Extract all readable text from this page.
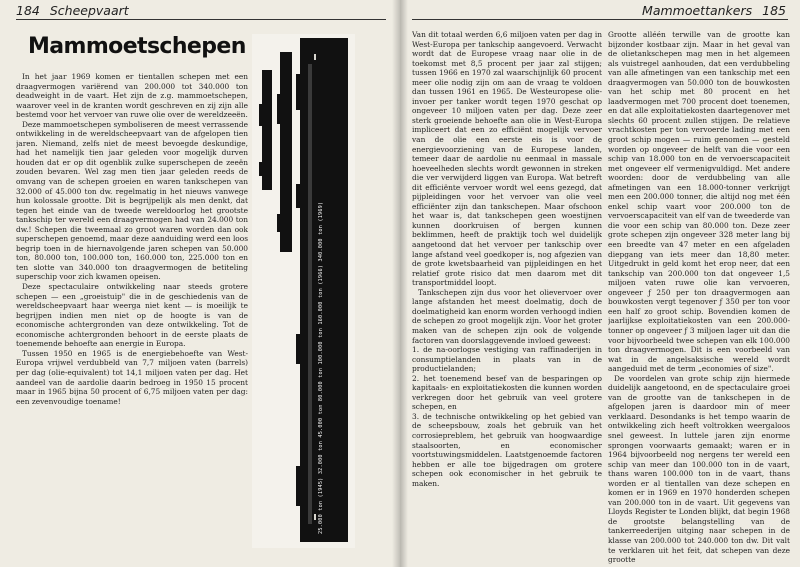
184 Scheepvaart
Mammoetschepen

In het jaar 1969 komen er tientallen schepen met een draagvermogen variërend van 200.000 tot 340.000 ton deadweight in de vaart. Het zijn de z.g. mammoetschepen, waarover veel in de kranten wordt geschreven en zij zijn alle bestemd voor het vervoer van ruwe olie over de wereldzeeën.

Deze mammoetschepen symboliseren de meest verrassende ontwikkeling in de wereldscheepvaart van de afgelopen tien jaren. Niemand, zelfs niet de meest bevoegde deskundige, had het namelijk tien jaar geleden voor mogelijk durven houden dat er op dit ogenblik zulke superschepen de zeeën zouden bevaren. Wel zag men tien jaar geleden reeds de omvang van de schepen groeien en waren tankschepen van 32.000 of 45.000 ton dw. regelmatig in het nieuws vanwege hun kolossale grootte. Dit is begrijpelijk als men denkt, dat tegen het einde van de tweede wereldoorlog het grootste tankschip ter wereld een draagvermogen had van 24.000 ton dw.! Schepen die tweemaal zo groot waren worden dan ook superschepen genoemd, maar deze aanduiding werd een loos begrip toen in de hiernavolgende jaren schepen van 50.000 ton, 80.000 ton, 100.000 ton, 160.000 ton, 225.000 ton en ten slotte van 340.000 ton draagvermogen de betiteling superschip voor zich kwamen opeisen.

Deze spectaculaire ontwikkeling naar steeds grotere schepen — een „groeistuip" die in de geschiedenis van de wereldscheepvaart haar weerga niet kent — is moeilijk te begrijpen indien men niet op de hoogte is van de economische achtergronden van deze ontwikkeling. Tot de economische achtergronden behoort in de eerste plaats de toenemende behoefte aan energie in Europa.

Tussen 1950 en 1965 is de energiebehoefte van West-Europa vrijwel verdubbeld van 7,7 miljoen vaten (barrels) per dag (olie-equivalent) tot 14,1 miljoen vaten per dag. Het aandeel van de aardolie daarin bedroeg in 1950 15 procent maar in 1965 bijna 50 procent of 6,75 miljoen vaten per dag: een zevenvoudige toename!	25.000 ton (1945) 32.000 ton 45.000 ton 80.000 ton 100.000 ton 160.000 ton (1966) 340.000 ton (1969)
Mammoettankers 185

Van dit totaal werden 6,6 miljoen vaten per dag in West-Europa per tankschip aangevoerd. Verwacht wordt dat de Europese vraag naar olie in de toekomst met 8,5 procent per jaar zal stijgen; tussen 1966 en 1970 zal waarschijnlijk 60 procent meer olie nodig zijn om aan de vraag te voldoen dan tussen 1961 en 1965. De Westeuropese olie-invoer per tanker wordt tegen 1970 geschat op ongeveer 10 miljoen vaten per dag. Deze zeer sterk groeiende behoefte aan olie in West-Europa impliceert dat een zo efficiënt mogelijk vervoer van de olie een eerste eis is voor de energievoorziening van de Europese landen, temeer daar de aardolie nu eenmaal in massale hoeveelheden slechts wordt gewonnen in streken die ver verwijderd liggen van Europa. Wat betreft dit efficiënte vervoer wordt wel eens gezegd, dat pijpleidingen voor het vervoer van olie veel efficiënter zijn dan tankschepen. Maar ofschoon het waar is, dat tankschepen geen woestijnen kunnen doorkruisen of bergen kunnen beklimmen, heeft de praktijk toch wel duidelijk aangetoond dat het vervoer per tankschip over lange afstand veel goedkoper is, nog afgezien van de grote kwetsbaarheid van pijpleidingen en het relatief grote risico dat men daarom met dit transportmiddel loopt.

Tankschepen zijn dus voor het olievervoer over lange afstanden het meest doelmatig, doch de doelmatigheid kan enorm worden verhoogd indien de schepen zo groot mogelijk zijn. Voor het groter maken van de schepen zijn ook de volgende factoren van doorslaggevende invloed geweest:

1. de na-oorlogse vestiging van raffinaderijen in consumptielanden in plaats van in de productielanden;

2. het toenemend besef van de besparingen op kapitaals- en exploitatiekosten die kunnen worden verkregen door het gebruik van veel grotere schepen, en

3. de technische ontwikkeling op het gebied van de scheepsbouw, zoals het gebruik van het corrosiepreblem, het gebruik van hoogwaardige staalsoorten, en economischer voortstuwingsmiddelen. Laatstgenoemde factoren hebben er alle toe bijgedragen om grotere schepen ook economischer in het gebruik te maken.

Grootte alléén terwille van de grootte kan bijzonder kostbaar zijn. Maar in het geval van de olietankschepen mag men in het algemeen als vuistregel aanhouden, dat een verdubbeling van alle afmetingen van een tankschip met een draagvermogen van 50.000 ton de bouwkosten van het schip met 80 procent en het laadvermogen met 700 procent doet toenemen, en dat alle exploitatiekosten daartegenover met slechts 60 procent zullen stijgen. De relatieve vrachtkosten per ton vervoerde lading met een groot schip mogen — ruim genomen — gesteld worden op ongeveer de helft van die voor een schip van 18.000 ton en de vervoerscapaciteit met ongeveer elf vermenigvuldigd. Met andere woorden: door de verdubbeling van alle afmetingen van een 18.000-tonner verkrijgt men een 200.000 tonner, die altijd nog met één enkel schip vaart voor 200.000 ton de vervoerscapaciteit van elf van de tweederde van die voor een schip van 80.000 ton. Deze zeer grote schepen zijn ongeveer 328 meter lang bij een breedte van 47 meter en een afgeladen diepgang van iets meer dan 18,80 meter. Uitgedrukt in geld komt het erop neer, dat een tankschip van 200.000 ton dat ongeveer 1,5 miljoen vaten ruwe olie kan vervoeren, ongeveer ƒ 250 per ton draagvermogen aan bouwkosten vergt tegenover ƒ 350 per ton voor een half zo groot schip. Bovendien komen de jaarlijkse exploitatiekosten van een 200.000-tonner op ongeveer ƒ 3 miljoen lager uit dan die voor bijvoorbeeld twee schepen van elk 100.000 ton draagvermogen. Dit is een voorbeeld van wat in de angelsaksische wereld wordt aangeduid met de term „economies of size".

De voordelen van grote schip zijn hiermede duidelijk aangetoond, en de spectaculaire groei van de grootte van de tankschepen in de afgelopen jaren is daardoor min of meer verklaard. Desondanks is het tempo waarin de ontwikkeling zich heeft voltrokken weergaloos snel geweest. In luttele jaren zijn enorme sprongen voorwaarts gemaakt; waren er in 1964 bijvoorbeeld nog nergens ter wereld een schip van meer dan 100.000 ton in de vaart, thans waren 100.000 ton in de vaart, thans worden er al tientallen van deze schepen en komen er in 1969 en 1970 honderden schepen van 200.000 ton in de vaart. Uit gegevens van Lloyds Register te Londen blijkt, dat begin 1968 de grootste belangstelling van de tankerreederijen uitging naar schepen in de klasse van 200.000 tot 240.000 ton dw. Dit valt te verklaren uit het feit, dat schepen van deze grootte
